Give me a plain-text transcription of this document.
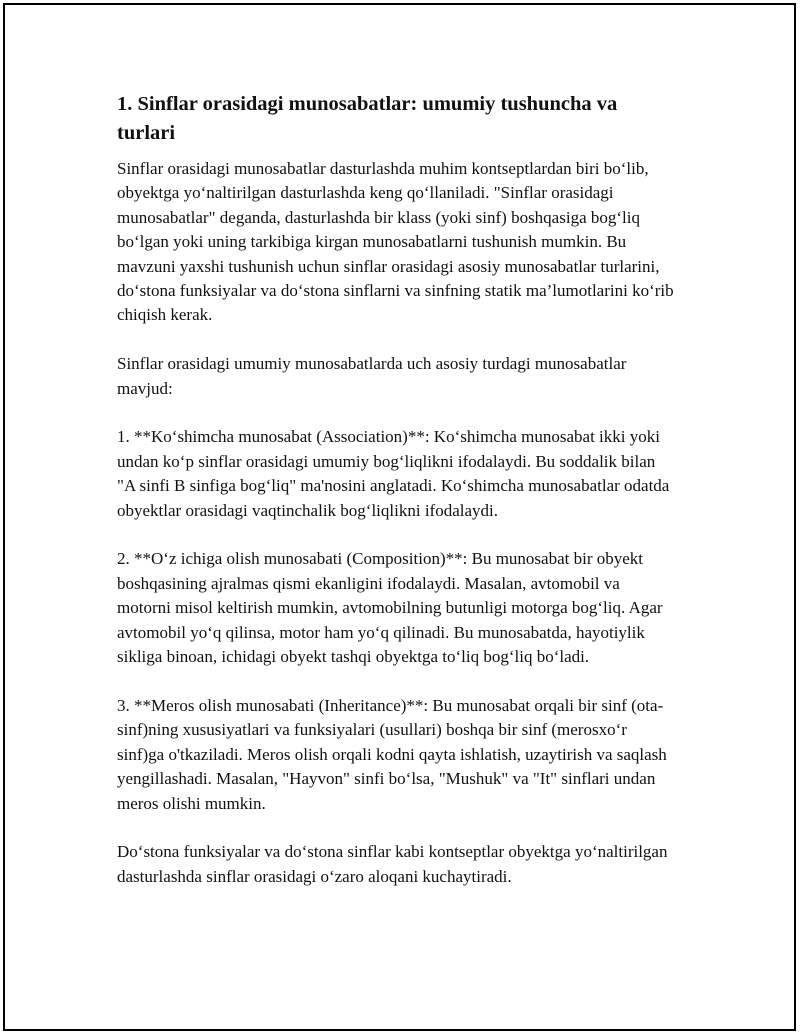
1. Sinflar orasidagi munosabatlar: umumiy tushuncha va turlari

Sinflar orasidagi munosabatlar dasturlashda muhim kontseptlardan biri bo‘lib, obyektga yo‘naltirilgan dasturlashda keng qo‘llaniladi. "Sinflar orasidagi munosabatlar" deganda, dasturlashda bir klass (yoki sinf) boshqasiga bog‘liq bo‘lgan yoki uning tarkibiga kirgan munosabatlarni tushunish mumkin. Bu mavzuni yaxshi tushunish uchun sinflar orasidagi asosiy munosabatlar turlarini, do‘stona funksiyalar va do‘stona sinflarni va sinfning statik ma’lumotlarini ko‘rib chiqish kerak.

Sinflar orasidagi umumiy munosabatlarda uch asosiy turdagi munosabatlar mavjud:

1. **Ko‘shimcha munosabat (Association)**: Ko‘shimcha munosabat ikki yoki undan ko‘p sinflar orasidagi umumiy bog‘liqlikni ifodalaydi. Bu soddalik bilan "A sinfi B sinfiga bog‘liq" ma'nosini anglatadi. Ko‘shimcha munosabatlar odatda obyektlar orasidagi vaqtinchalik bog‘liqlikni ifodalaydi.

2. **O‘z ichiga olish munosabati (Composition)**: Bu munosabat bir obyekt boshqasining ajralmas qismi ekanligini ifodalaydi. Masalan, avtomobil va motorni misol keltirish mumkin, avtomobilning butunligi motorga bog‘liq. Agar avtomobil yo‘q qilinsa, motor ham yo‘q qilinadi. Bu munosabatda, hayotiylik sikliga binoan, ichidagi obyekt tashqi obyektga to‘liq bog‘liq bo‘ladi.

3. **Meros olish munosabati (Inheritance)**: Bu munosabat orqali bir sinf (ota-sinf)ning xususiyatlari va funksiyalari (usullari) boshqa bir sinf (merosxo‘r sinf)ga o'tkaziladi. Meros olish orqali kodni qayta ishlatish, uzaytirish va saqlash yengillashadi. Masalan, "Hayvon" sinfi bo‘lsa, "Mushuk" va "It" sinflari undan meros olishi mumkin.

Do‘stona funksiyalar va do‘stona sinflar kabi kontseptlar obyektga yo‘naltirilgan dasturlashda sinflar orasidagi o‘zaro aloqani kuchaytiradi.
